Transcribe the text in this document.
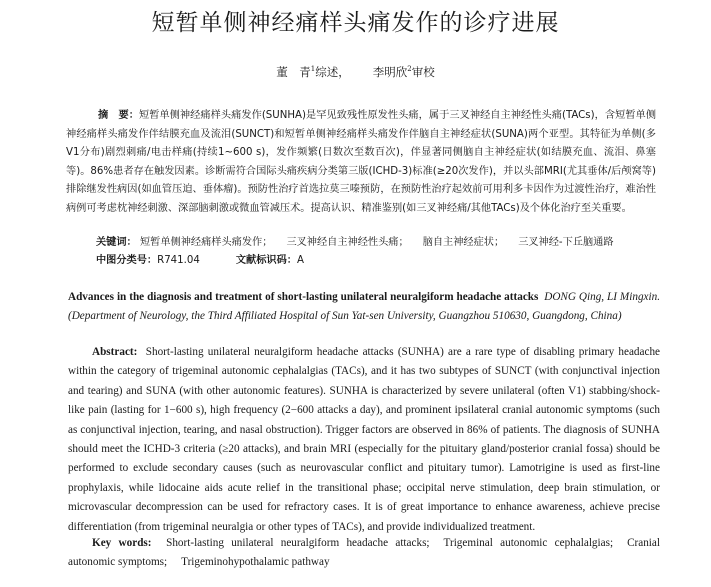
短暂单侧神经痛样头痛发作的诊疗进展
董　青$^1$综述，   李明欣$^2$审校
摘　要：短暂单侧神经痛样头痛发作(SUNHA)是罕见致残性原发性头痛，属于三叉神经自主神经性头痛(TACs)，含短暂单侧神经痛样头痛发作伴结膜充血及流泪(SUNCT)和短暂单侧神经痛样头痛发作伴脑自主神经症状(SUNA)两个亚型。其特征为单侧(多V1分布)剧烈刺痛/电击样痛(持续1~600 s)，发作频繁(日数次至数百次)，伴显著同侧脑自主神经症状(如结膜充血、流泪、鼻塞等)。86%患者存在触发因素。诊断需符合国际头痛疾病分类第三版(ICHD-3)标准(≥20次发作)，并以头部MRI(尤其垂体/后颅窝等)排除继发性病因(如血管压迫、垂体瘤)。预防性治疗首选拉莫三嗪预防，在预防性治疗起效前可用利多卡因作为过渡性治疗，难治性病例可考虑枕神经刺激、深部脑刺激或微血管减压术。提高认识、精准鉴别(如三叉神经痛/其他TACs)及个体化治疗至关重要。
关键词： 短暂单侧神经痛样头痛发作； 三叉神经自主神经性头痛； 脑自主神经症状； 三叉神经-下丘脑通路
中图分类号：R741.04	文献标识码：A
Advances in the diagnosis and treatment of short-lasting unilateral neuralgiform headache attacks DONG Qing, LI Mingxin. (Department of Neurology, the Third Affiliated Hospital of Sun Yat-sen University, Guangzhou 510630, Guangdong, China)
Abstract: Short-lasting unilateral neuralgiform headache attacks (SUNHA) are a rare type of disabling primary headache within the category of trigeminal autonomic cephalalgias (TACs), and it has two subtypes of SUNCT (with conjunctival injection and tearing) and SUNA (with other autonomic features). SUNHA is characterized by severe unilateral (often V1) stabbing/shock-like pain (lasting for 1−600 s), high frequency (2−600 attacks a day), and prominent ipsilateral cranial autonomic symptoms (such as conjunctival injection, tearing, and nasal obstruction). Trigger factors are observed in 86% of patients. The diagnosis of SUNHA should meet the ICHD-3 criteria (≥20 attacks), and brain MRI (especially for the pituitary gland/posterior cranial fossa) should be performed to exclude secondary causes (such as neurovascular conflict and pituitary tumor). Lamotrigine is used as first-line prophylaxis, while lidocaine aids acute relief in the transitional phase; occipital nerve stimulation, deep brain stimulation, or microvascular decompression can be used for refractory cases. It is of great importance to enhance awareness, achieve precise differentiation (from trigeminal neuralgia or other types of TACs), and provide individualized treatment.
Key words: Short-lasting unilateral neuralgiform headache attacks; Trigeminal autonomic cephalalgias; Cranial autonomic symptoms; Trigeminohypothalamic pathway
